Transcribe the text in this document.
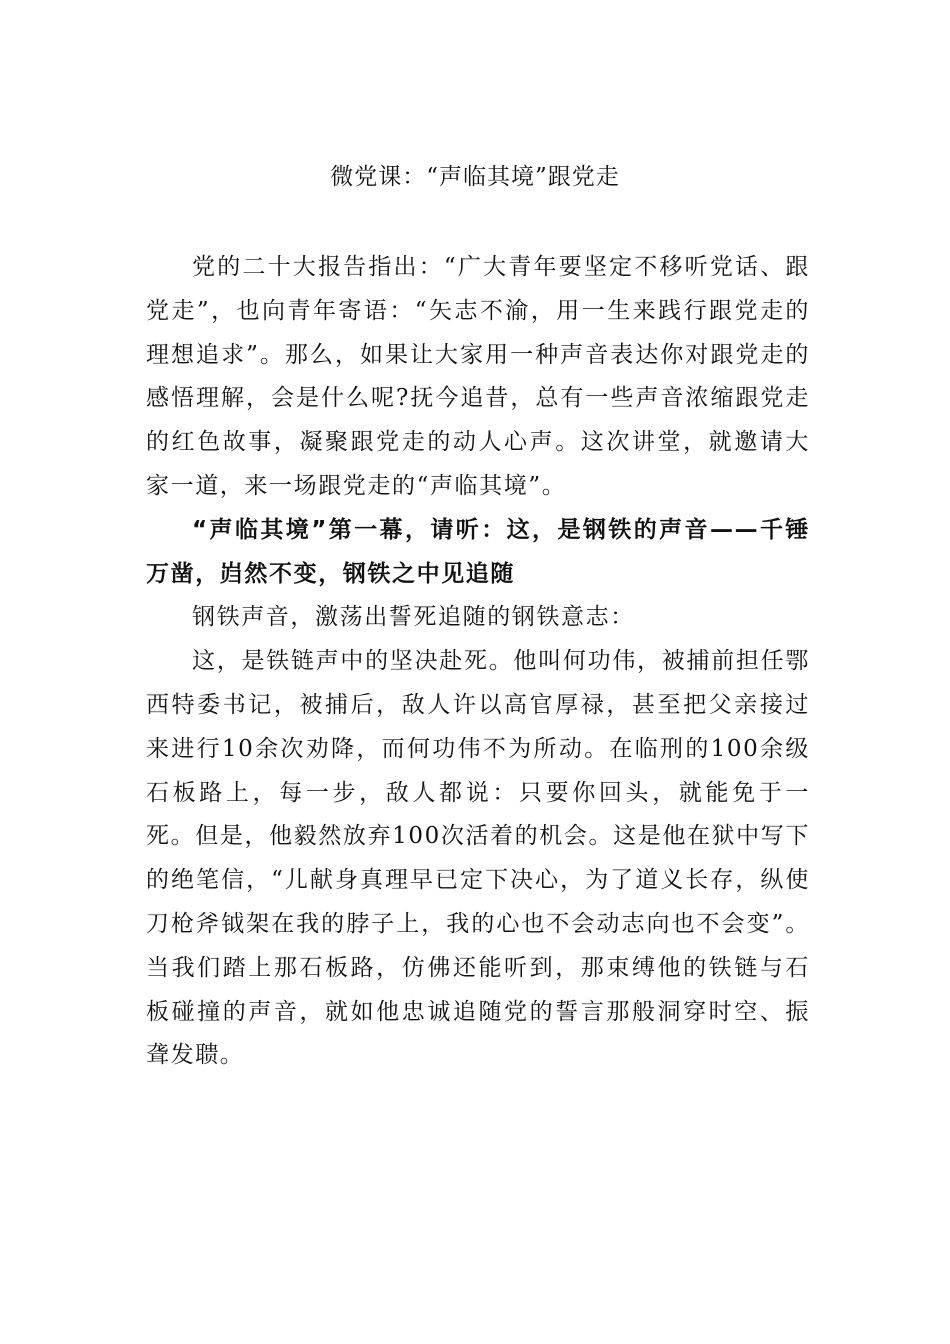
微党课：“声临其境”跟党走

党的二十大报告指出：“广大青年要坚定不移听党话、跟党走”，也向青年寄语：“矢志不渝，用一生来践行跟党走的理想追求”。那么，如果让大家用一种声音表达你对跟党走的感悟理解，会是什么呢?抚今追昔，总有一些声音浓缩跟党走的红色故事，凝聚跟党走的动人心声。这次讲堂，就邀请大家一道，来一场跟党走的“声临其境”。

“声临其境”第一幕，请听：这，是钢铁的声音——千锤万凿，岿然不变，钢铁之中见追随

钢铁声音，激荡出誓死追随的钢铁意志：

这，是铁链声中的坚决赴死。他叫何功伟，被捕前担任鄂西特委书记，被捕后，敌人许以高官厚禄，甚至把父亲接过来进行10余次劝降，而何功伟不为所动。在临刑的100余级石板路上，每一步，敌人都说：只要你回头，就能免于一死。但是，他毅然放弃100次活着的机会。这是他在狱中写下的绝笔信，“儿献身真理早已定下决心，为了道义长存，纵使刀枪斧钺架在我的脖子上，我的心也不会动志向也不会变”。当我们踏上那石板路，仿佛还能听到，那束缚他的铁链与石板碰撞的声音，就如他忠诚追随党的誓言那般洞穿时空、振聋发聩。
